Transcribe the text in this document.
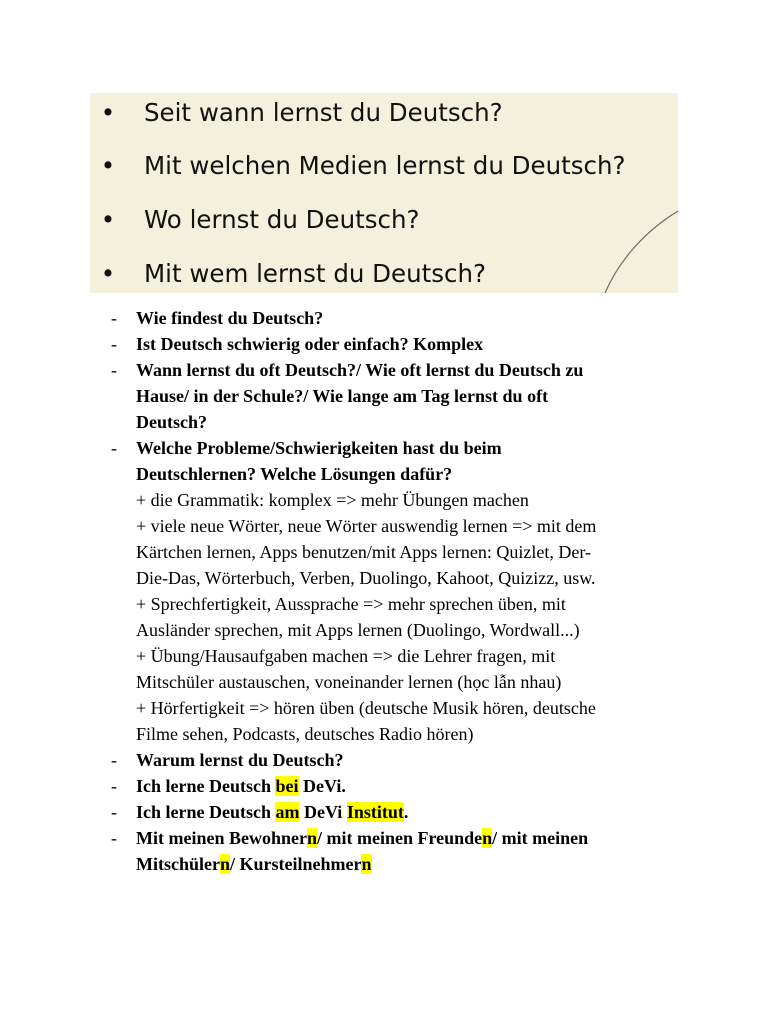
• Seit wann lernst du Deutsch?
• Mit welchen Medien lernst du Deutsch?
• Wo lernst du Deutsch?
• Mit wem lernst du Deutsch?
- Wie findest du Deutsch?
- Ist Deutsch schwierig oder einfach? Komplex
- Wann lernst du oft Deutsch?/ Wie oft lernst du Deutsch zu
Hause/ in der Schule?/ Wie lange am Tag lernst du oft
Deutsch?
- Welche Probleme/Schwierigkeiten hast du beim
Deutschlernen? Welche Lösungen dafür?
+ die Grammatik: komplex => mehr Übungen machen
+ viele neue Wörter, neue Wörter auswendig lernen => mit dem
Kärtchen lernen, Apps benutzen/mit Apps lernen: Quizlet, Der-
Die-Das, Wörterbuch, Verben, Duolingo, Kahoot, Quizizz, usw.
+ Sprechfertigkeit, Aussprache => mehr sprechen üben, mit
Ausländer sprechen, mit Apps lernen (Duolingo, Wordwall...)
+ Übung/Hausaufgaben machen => die Lehrer fragen, mit
Mitschüler austauschen, voneinander lernen (học lẫn nhau)
+ Hörfertigkeit => hören üben (deutsche Musik hören, deutsche
Filme sehen, Podcasts, deutsches Radio hören)
- Warum lernst du Deutsch?
- Ich lerne Deutsch bei DeVi.
- Ich lerne Deutsch am DeVi Institut.
- Mit meinen Bewohnern/ mit meinen Freunden/ mit meinen
Mitschülern/ Kursteilnehmern
